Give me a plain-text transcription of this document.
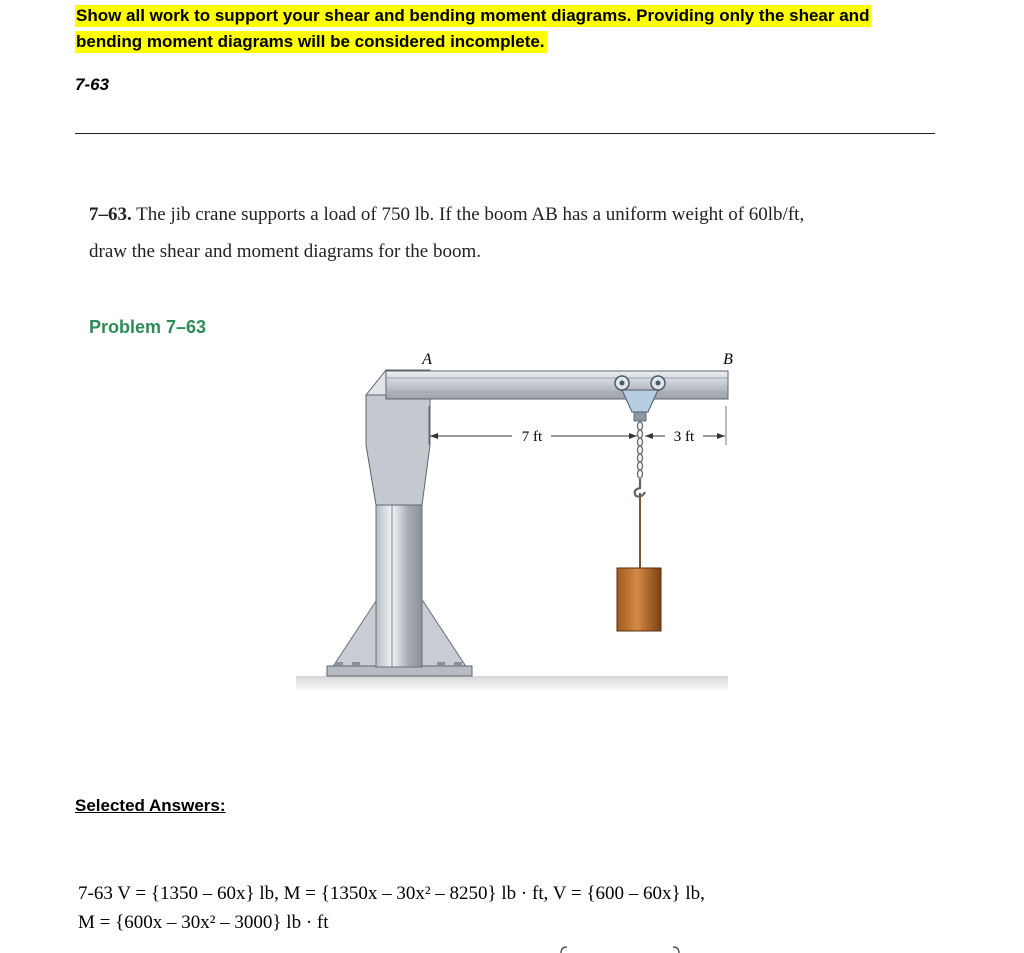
Show all work to support your shear and bending moment diagrams. Providing only the shear and
bending moment diagrams will be considered incomplete.
7-63
7–63. The jib crane supports a load of 750 lb. If the boom AB has a uniform weight of 60lb/ft,
draw the shear and moment diagrams for the boom.
Problem 7–63
A	B
7 ft	3 ft
Selected Answers:
7-63 V = {1350 – 60x} lb, M = {1350x – 30x² – 8250} lb · ft, V = {600 – 60x} lb,
M = {600x – 30x² – 3000} lb · ft
